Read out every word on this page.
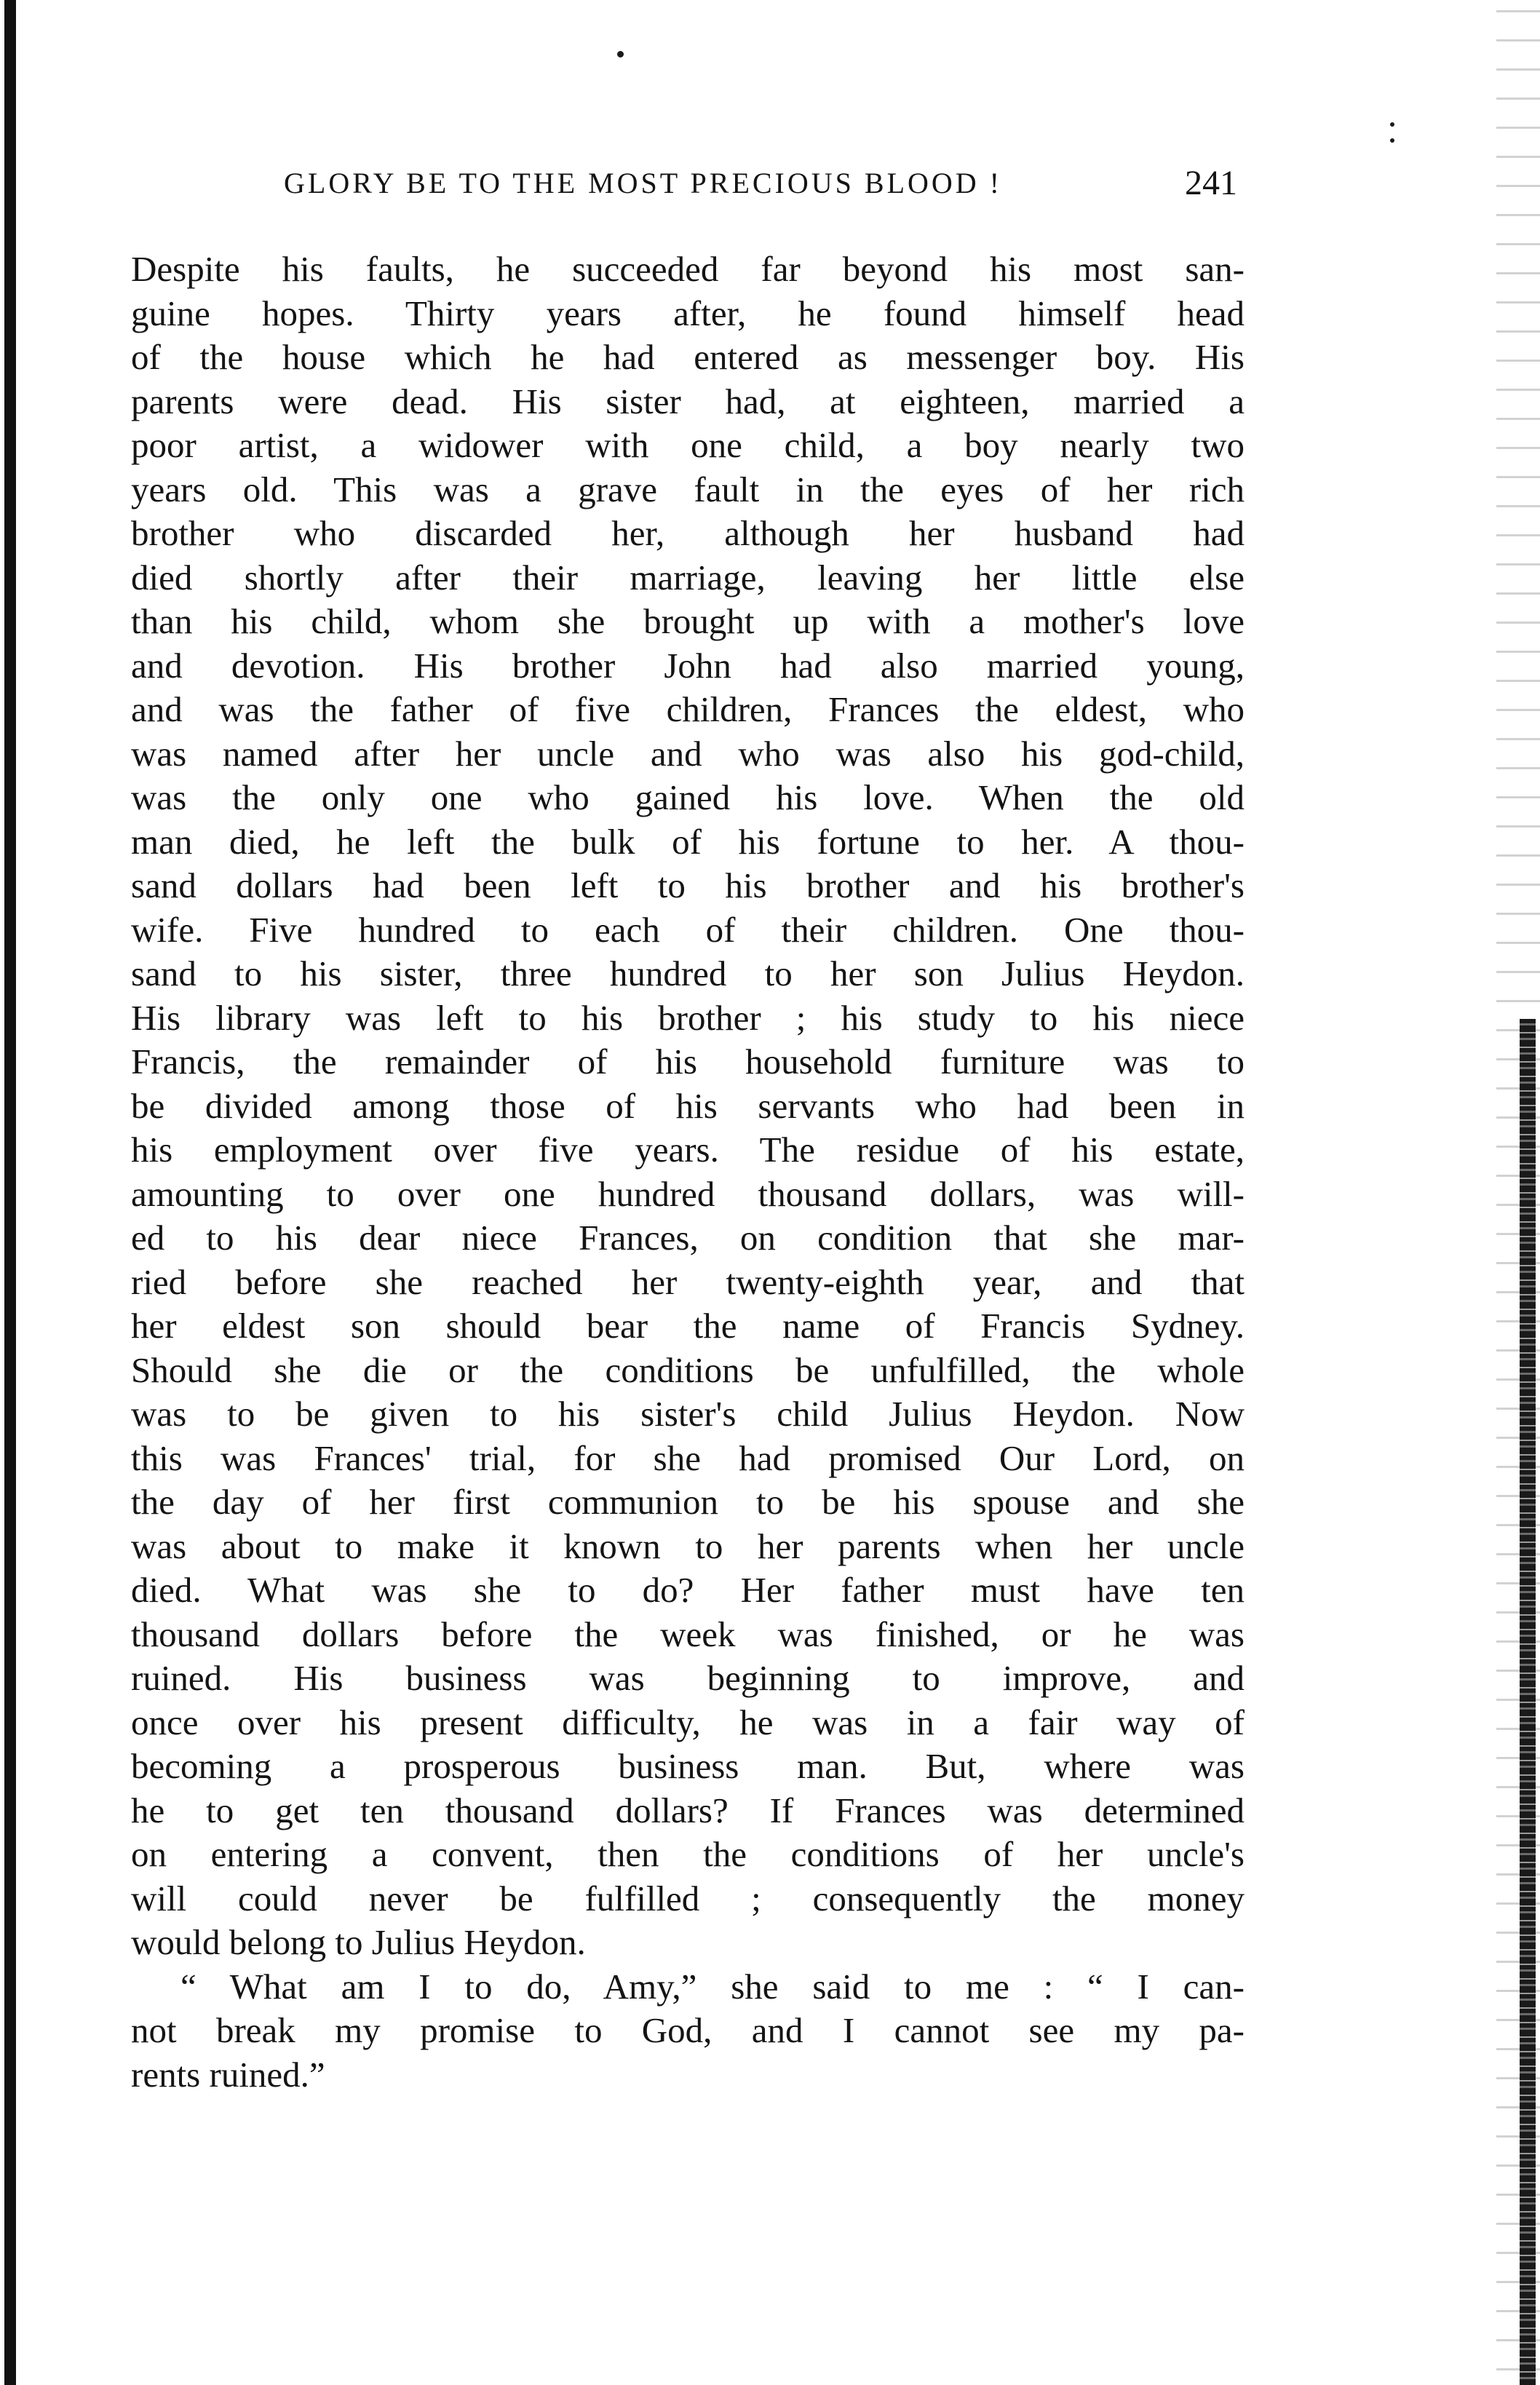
GLORY BE TO THE MOST PRECIOUS BLOOD !	241
Despite his faults, he succeeded far beyond his most san-
guine hopes. Thirty years after, he found himself head
of the house which he had entered as messenger boy. His
parents were dead. His sister had, at eighteen, married a
poor artist, a widower with one child, a boy nearly two
years old. This was a grave fault in the eyes of her rich
brother who discarded her, although her husband had
died shortly after their marriage, leaving her little else
than his child, whom she brought up with a mother's love
and devotion. His brother John had also married young,
and was the father of five children, Frances the eldest, who
was named after her uncle and who was also his god-child,
was the only one who gained his love. When the old
man died, he left the bulk of his fortune to her. A thou-
sand dollars had been left to his brother and his brother's
wife. Five hundred to each of their children. One thou-
sand to his sister, three hundred to her son Julius Heydon.
His library was left to his brother ; his study to his niece
Francis, the remainder of his household furniture was to
be divided among those of his servants who had been in
his employment over five years. The residue of his estate,
amounting to over one hundred thousand dollars, was will-
ed to his dear niece Frances, on condition that she mar-
ried before she reached her twenty-eighth year, and that
her eldest son should bear the name of Francis Sydney.
Should she die or the conditions be unfulfilled, the whole
was to be given to his sister's child Julius Heydon. Now
this was Frances' trial, for she had promised Our Lord, on
the day of her first communion to be his spouse and she
was about to make it known to her parents when her uncle
died. What was she to do? Her father must have ten
thousand dollars before the week was finished, or he was
ruined. His business was beginning to improve, and
once over his present difficulty, he was in a fair way of
becoming a prosperous business man. But, where was
he to get ten thousand dollars? If Frances was determined
on entering a convent, then the conditions of her uncle's
will could never be fulfilled ; consequently the money
would belong to Julius Heydon.
“ What am I to do, Amy,” she said to me : “ I can-
not break my promise to God, and I cannot see my pa-
rents ruined.”
